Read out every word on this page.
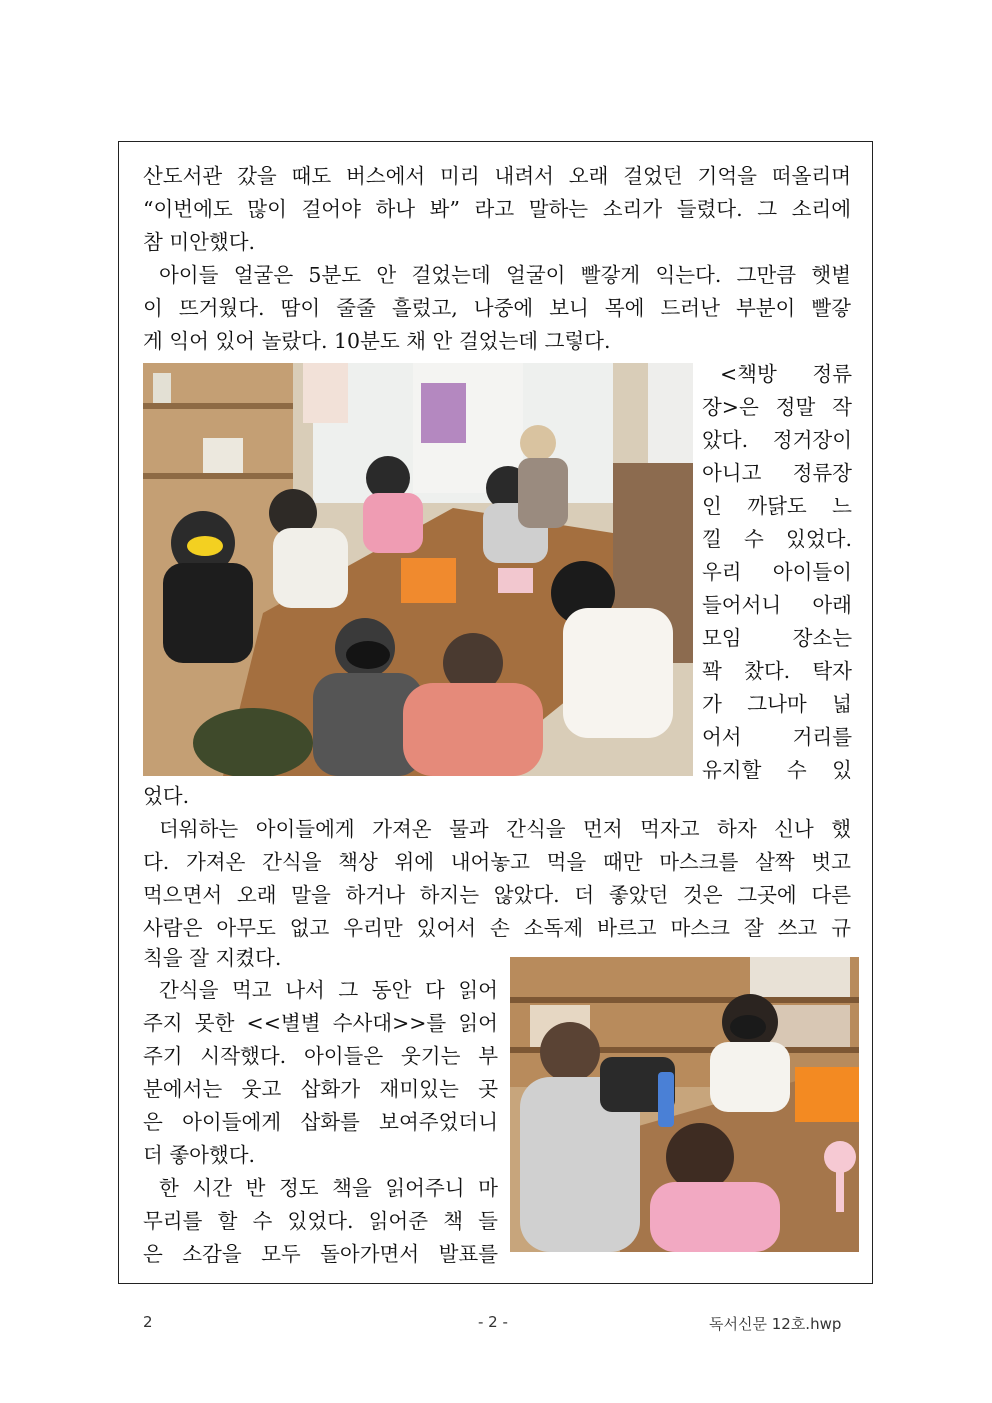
산도서관 갔을 때도 버스에서 미리 내려서 오래 걸었던 기억을 떠올리며
“이번에도 많이 걸어야 하나 봐” 라고 말하는 소리가 들렸다. 그 소리에
참 미안했다.
아이들 얼굴은 5분도 안 걸었는데 얼굴이 빨갛게 익는다. 그만큼 햇볕
이 뜨거웠다. 땀이 줄줄 흘렀고, 나중에 보니 목에 드러난 부분이 빨갛
게 익어 있어 놀랐다. 10분도 채 안 걸었는데 그렇다.
<책방 정류
장>은 정말 작
았다. 정거장이
아니고 정류장
인 까닭도 느
낄 수 있었다.
우리 아이들이
들어서니 아래
모임 장소는
꽉 찼다. 탁자
가 그나마 넓
어서 거리를
유지할 수 있
었다.
더워하는 아이들에게 가져온 물과 간식을 먼저 먹자고 하자 신나 했
다. 가져온 간식을 책상 위에 내어놓고 먹을 때만 마스크를 살짝 벗고
먹으면서 오래 말을 하거나 하지는 않았다. 더 좋았던 것은 그곳에 다른
사람은 아무도 없고 우리만 있어서 손 소독제 바르고 마스크 잘 쓰고 규
칙을 잘 지켰다.
간식을 먹고 나서 그 동안 다 읽어
주지 못한 <<별별 수사대>>를 읽어
주기 시작했다. 아이들은 웃기는 부
분에서는 웃고 삽화가 재미있는 곳
은 아이들에게 삽화를 보여주었더니
더 좋아했다.
한 시간 반 정도 책을 읽어주니 마
무리를 할 수 있었다. 읽어준 책 들
은 소감을 모두 돌아가면서 발표를
2	- 2 -	독서신문 12호.hwp
